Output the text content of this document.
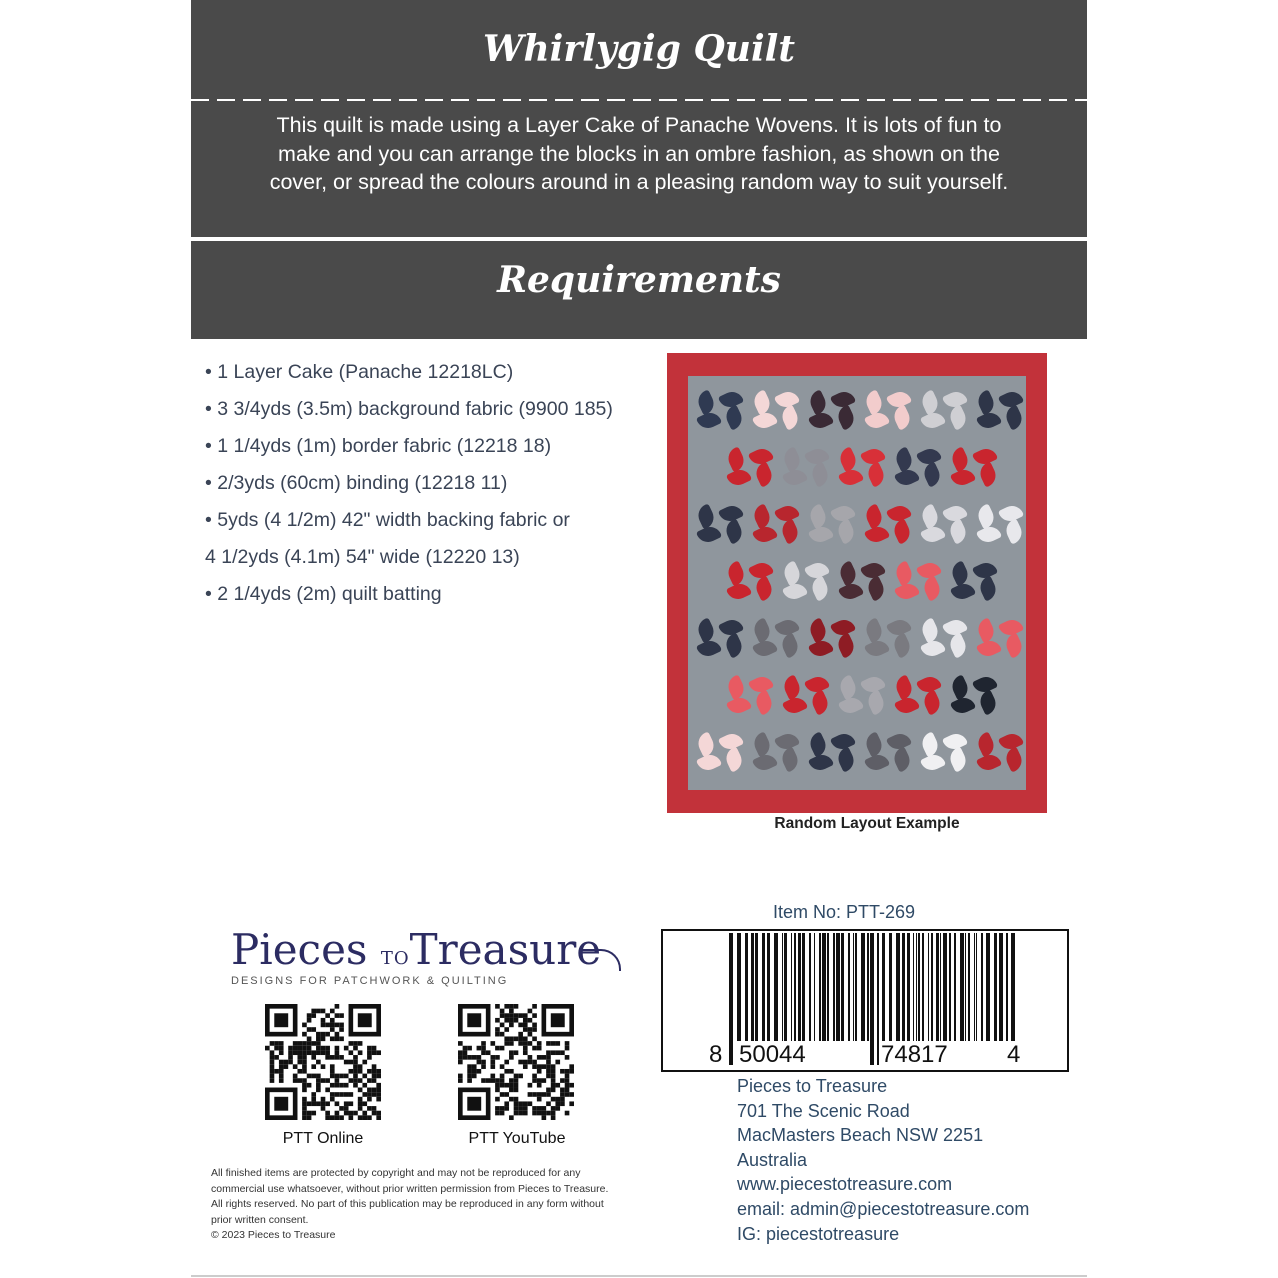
Whirlygig Quilt

This quilt is made using a Layer Cake of Panache Wovens. It is lots of fun to make and you can arrange the blocks in an ombre fashion, as shown on the cover, or spread the colours around in a pleasing random way to suit yourself.

Requirements
• 1 Layer Cake (Panache 12218LC)
• 3 3/4yds (3.5m) background fabric (9900 185)
• 1 1/4yds (1m) border fabric (12218 18)
• 2/3yds (60cm) binding (12218 11)
• 5yds (4 1/2m) 42" width backing fabric or
4 1/2yds (4.1m) 54" wide (12220 13)
• 2 1/4yds (2m) quilt batting
Random Layout Example
Pieces TOTreasure
DESIGNS FOR PATCHWORK & QUILTING
PTT Online	PTT YouTube
All finished items are protected by copyright and may not be reproduced for any
commercial use whatsoever, without prior written permission from Pieces to Treasure.
All rights reserved. No part of this publication may be reproduced in any form without
prior written consent.
© 2023 Pieces to Treasure
Item No: PTT-269
8 50044	74817 4
Pieces to Treasure
701 The Scenic Road
MacMasters Beach NSW 2251
Australia
www.piecestotreasure.com
email: admin@piecestotreasure.com
IG: piecestotreasure
